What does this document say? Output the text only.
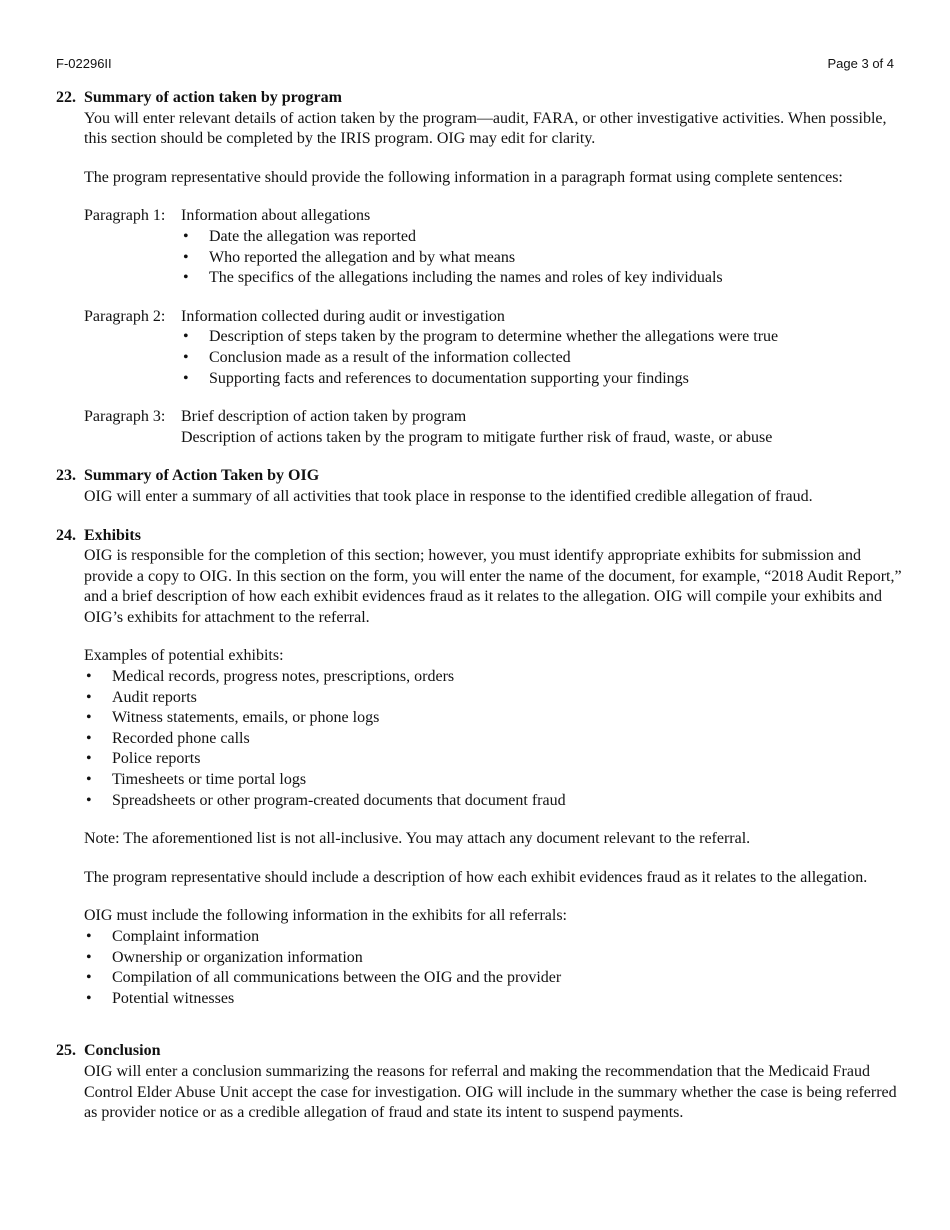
F-02296II	Page 3 of 4
22. Summary of action taken by program

You will enter relevant details of action taken by the program—audit, FARA, or other investigative activities. When possible, this section should be completed by the IRIS program. OIG may edit for clarity.

The program representative should provide the following information in a paragraph format using complete sentences:

Paragraph 1: Information about allegations
• Date the allegation was reported
• Who reported the allegation and by what means
• The specifics of the allegations including the names and roles of key individuals
Paragraph 2: Information collected during audit or investigation
• Description of steps taken by the program to determine whether the allegations were true
• Conclusion made as a result of the information collected
• Supporting facts and references to documentation supporting your findings
Paragraph 3: Brief description of action taken by program
Description of actions taken by the program to mitigate further risk of fraud, waste, or abuse
23. Summary of Action Taken by OIG

OIG will enter a summary of all activities that took place in response to the identified credible allegation of fraud.

24. Exhibits

OIG is responsible for the completion of this section; however, you must identify appropriate exhibits for submission and provide a copy to OIG. In this section on the form, you will enter the name of the document, for example, “2018 Audit Report,” and a brief description of how each exhibit evidences fraud as it relates to the allegation. OIG will compile your exhibits and OIG’s exhibits for attachment to the referral.

Examples of potential exhibits:

• Medical records, progress notes, prescriptions, orders
• Audit reports
• Witness statements, emails, or phone logs
• Recorded phone calls
• Police reports
• Timesheets or time portal logs
• Spreadsheets or other program-created documents that document fraud

Note: The aforementioned list is not all-inclusive. You may attach any document relevant to the referral.

The program representative should include a description of how each exhibit evidences fraud as it relates to the allegation.

OIG must include the following information in the exhibits for all referrals:

• Complaint information
• Ownership or organization information
• Compilation of all communications between the OIG and the provider
• Potential witnesses
25. Conclusion

OIG will enter a conclusion summarizing the reasons for referral and making the recommendation that the Medicaid Fraud Control Elder Abuse Unit accept the case for investigation. OIG will include in the summary whether the case is being referred as provider notice or as a credible allegation of fraud and state its intent to suspend payments.
